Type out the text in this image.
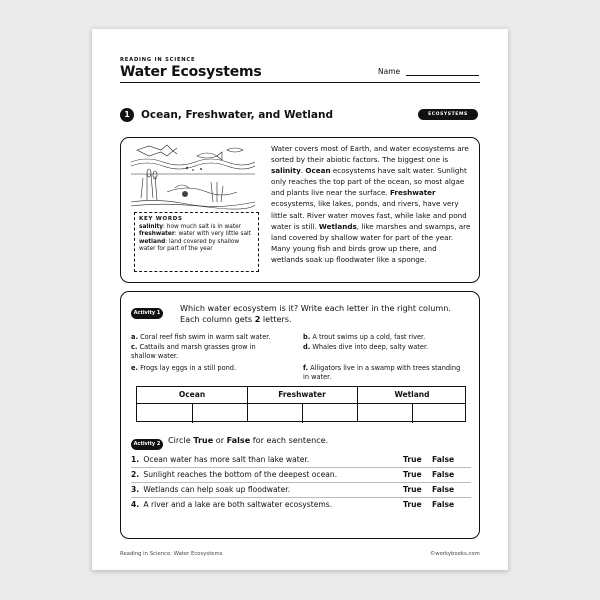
READING IN SCIENCE
Water Ecosystems	Name
1	Ocean, Freshwater, and Wetland	ECOSYSTEMS
KEY WORDS
salinity: how much salt is in water
freshwater: water with very little salt
wetland: land covered by shallow water for part of the year
Water covers most of Earth, and water ecosystems are sorted by their abiotic factors. The biggest one is salinity. Ocean ecosystems have salt water. Sunlight only reaches the top part of the ocean, so most algae and plants live near the surface. Freshwater ecosystems, like lakes, ponds, and rivers, have very little salt. River water moves fast, while lake and pond water is still. Wetlands, like marshes and swamps, are land covered by shallow water for part of the year. Many young fish and birds grow up there, and wetlands soak up floodwater like a sponge.
Activity 1	Which water ecosystem is it? Write each letter in the right column.
Each column gets 2 letters.
a. Coral reef fish swim in warm salt water.	b. A trout swims up a cold, fast river.
c. Cattails and marsh grasses grow in shallow water.
d. Whales dive into deep, salty water.
e. Frogs lay eggs in a still pond.	f. Alligators live in a swamp with trees standing in water.
Ocean	Freshwater	Wetland
Activity 2 Circle True or False for each sentence.
1. Ocean water has more salt than lake water.	True False
2. Sunlight reaches the bottom of the deepest ocean.	True False
3. Wetlands can help soak up floodwater.	True False
4. A river and a lake are both saltwater ecosystems.	True False
Reading in Science: Water Ecosystems	©workybooks.com
